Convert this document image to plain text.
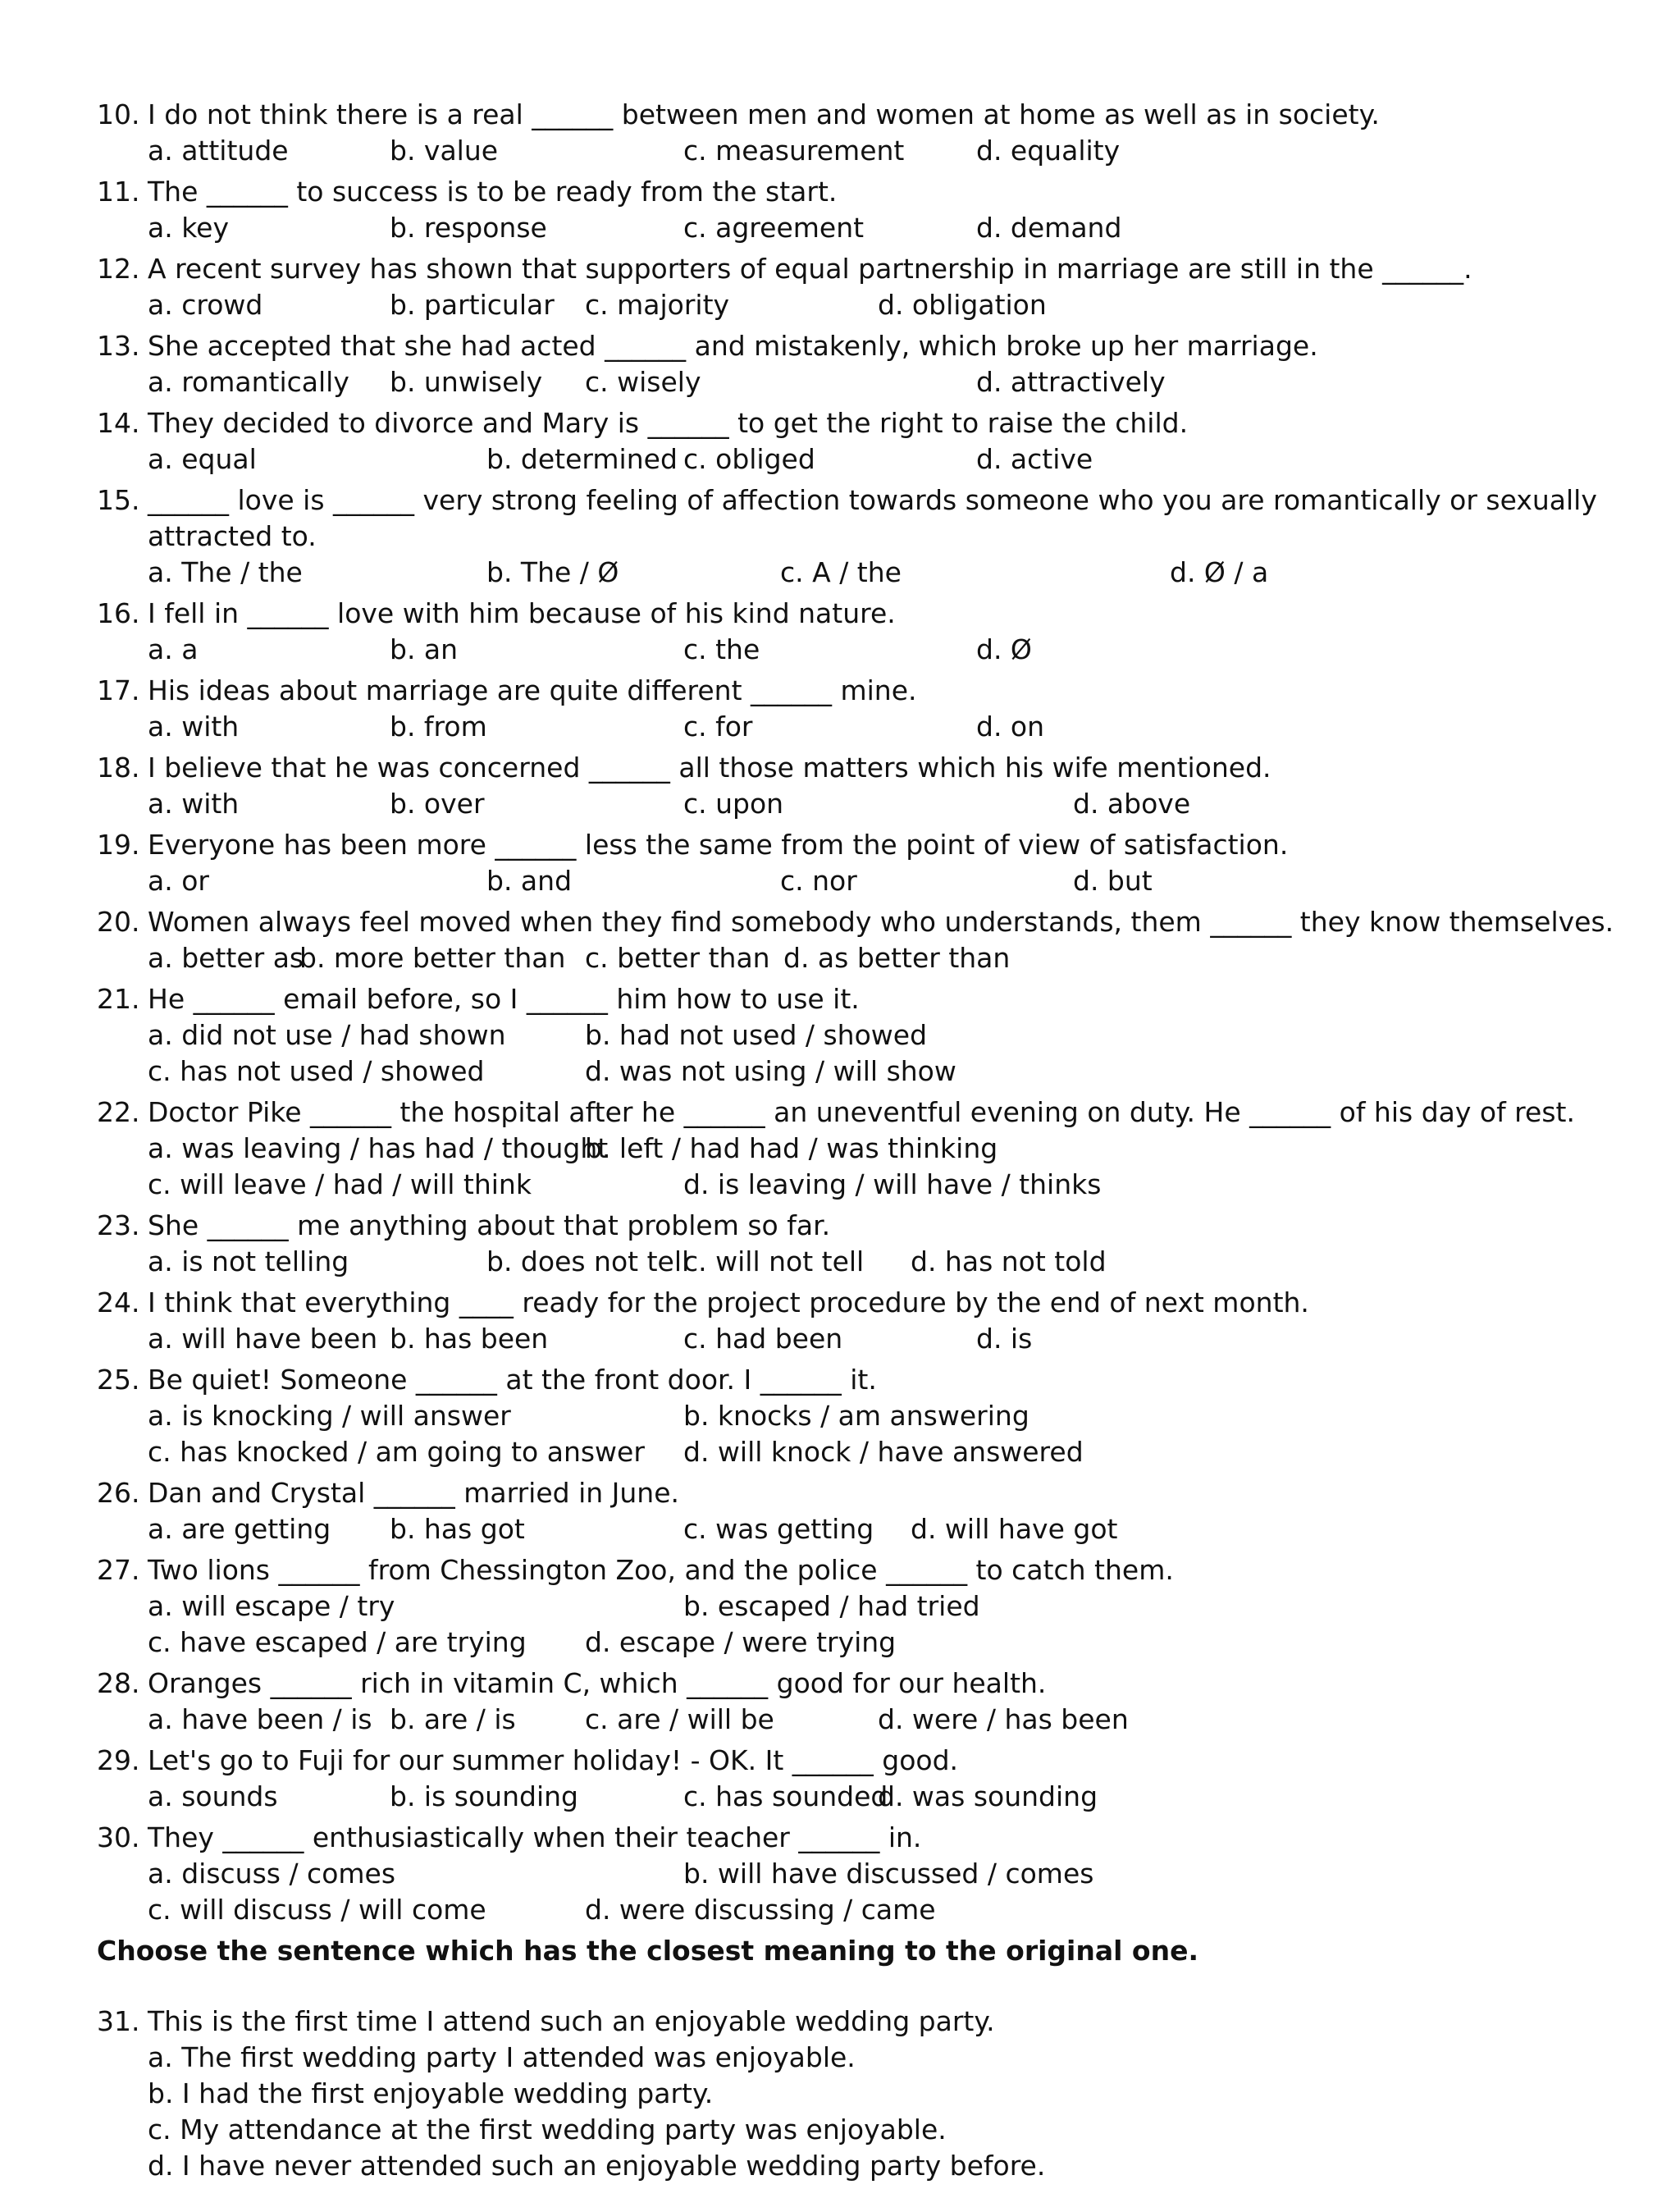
10. I do not think there is a real ______ between men and women at home as well as in society.
a. attitude	b. value	c. measurement	d. equality
11. The ______ to success is to be ready from the start.
a. key	b. response	c. agreement	d. demand
12. A recent survey has shown that supporters of equal partnership in marriage are still in the ______.
a. crowd	b. particular c. majority	d. obligation
13. She accepted that she had acted ______ and mistakenly, which broke up her marriage.
a. romantically b. unwisely c. wisely	d. attractively
14. They decided to divorce and Mary is ______ to get the right to raise the child.
a. equal	b. determined c. obliged	d. active
15. ______ love is ______ very strong feeling of affection towards someone who you are romantically or sexually
attracted to.
a. The / the	b. The / Ø	c. A / the	d. Ø / a
16. I fell in ______ love with him because of his kind nature.
a. a	b. an	c. the	d. Ø
17. His ideas about marriage are quite different ______ mine.
a. with	b. from	c. for	d. on
18. I believe that he was concerned ______ all those matters which his wife mentioned.
a. with	b. over	c. upon	d. above
19. Everyone has been more ______ less the same from the point of view of satisfaction.
a. or	b. and	c. nor	d. but
20. Women always feel moved when they find somebody who understands, them ______ they know themselves.
a. better as
b. more better than c. better than d. as better than
21. He ______ email before, so I ______ him how to use it.
a. did not use / had shown	b. had not used / showed
c. has not used / showed	d. was not using / will show
22. Doctor Pike ______ the hospital after he ______ an uneventful evening on duty. He ______ of his day of rest.
a. was leaving / has had / thought
b. left / had had / was thinking
c. will leave / had / will think	d. is leaving / will have / thinks
23. She ______ me anything about that problem so far.
a. is not telling	b. does not tell
c. will not tell d. has not told
24. I think that everything ____ ready for the project procedure by the end of next month.
a. will have been b. has been	c. had been	d. is
25. Be quiet! Someone ______ at the front door. I ______ it.
a. is knocking / will answer	b. knocks / am answering
c. has knocked / am going to answer d. will knock / have answered
26. Dan and Crystal ______ married in June.
a. are getting b. has got	c. was getting d. will have got
27. Two lions ______ from Chessington Zoo, and the police ______ to catch them.
a. will escape / try	b. escaped / had tried
c. have escaped / are trying d. escape / were trying
28. Oranges ______ rich in vitamin C, which ______ good for our health.
a. have been / is b. are / is	c. are / will be	d. were / has been
29. Let's go to Fuji for our summer holiday! - OK. It ______ good.
a. sounds	b. is sounding	c. has sounded
d. was sounding
30. They ______ enthusiastically when their teacher ______ in.
a. discuss / comes	b. will have discussed / comes
c. will discuss / will come	d. were discussing / came
Choose the sentence which has the closest meaning to the original one.
31. This is the first time I attend such an enjoyable wedding party.
a. The first wedding party I attended was enjoyable.
b. I had the first enjoyable wedding party.
c. My attendance at the first wedding party was enjoyable.
d. I have never attended such an enjoyable wedding party before.
